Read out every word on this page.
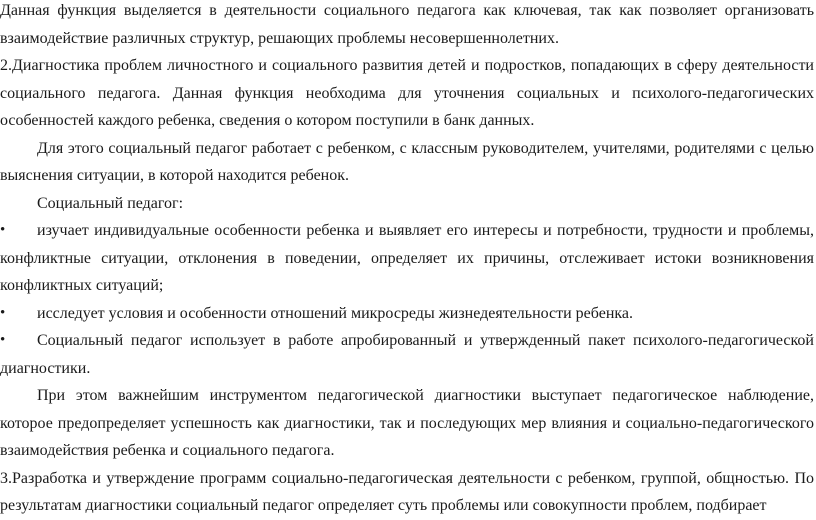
Данная функция выделяется в деятельности социального педагога как ключевая, так как позволяет организовать взаимодействие различных структур, решающих проблемы несовершеннолетних.

2.Диагностика проблем личностного и социального развития детей и подростков, попадающих в сферу деятельности социального педагога. Данная функция необходима для уточнения социальных и психолого-педагогических особенностей каждого ребенка, сведения о котором поступили в банк данных.

Для этого социальный педагог работает с ребенком, с классным руководителем, учителями, родителями с целью выяснения ситуации, в которой находится ребенок.

Социальный педагог:

• изучает индивидуальные особенности ребенка и выявляет его интересы и потребности, трудности и проблемы, конфликтные ситуации, отклонения в поведении, определяет их причины, отслеживает истоки возникновения конфликтных ситуаций;
• исследует условия и особенности отношений микросреды жизнедеятельности ребенка.
• Социальный педагог использует в работе апробированный и утвержденный пакет психолого-педагогической диагностики.

При этом важнейшим инструментом педагогической диагностики выступает педагогическое наблюдение, которое предопределяет успешность как диагностики, так и последующих мер влияния и социально-педагогического взаимодействия ребенка и социального педагога.

3.Разработка и утверждение программ социально-педагогическая деятельности с ребенком, группой, общностью. По результатам диагностики социальный педагог определяет суть проблемы или совокупности проблем, подбирает
